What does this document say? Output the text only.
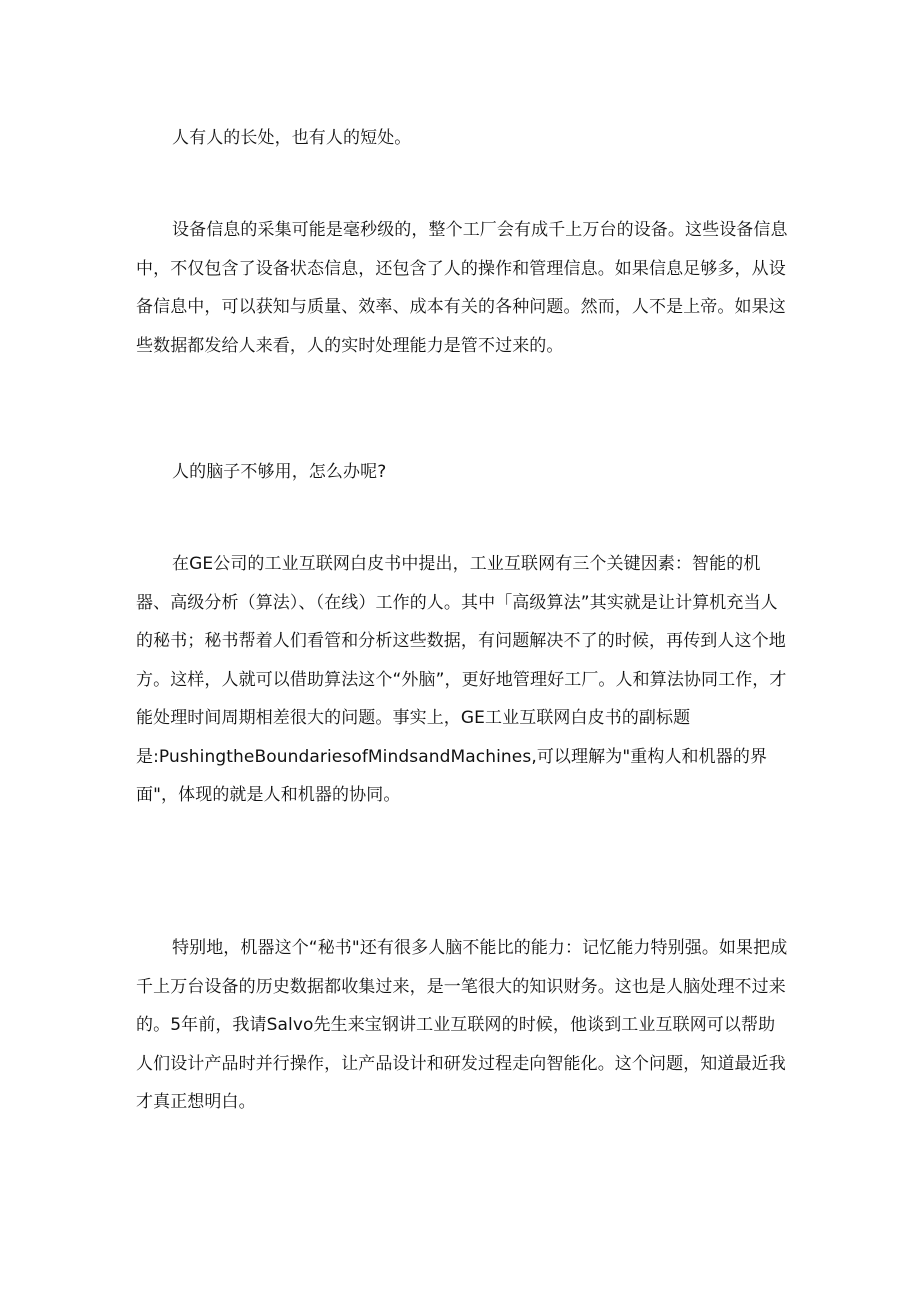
人有人的长处，也有人的短处。

设备信息的采集可能是毫秒级的，整个工厂会有成千上万台的设备。这些设备信息中，不仅包含了设备状态信息，还包含了人的操作和管理信息。如果信息足够多，从设备信息中，可以获知与质量、效率、成本有关的各种问题。然而，人不是上帝。如果这些数据都发给人来看，人的实时处理能力是管不过来的。

人的脑子不够用，怎么办呢?

在GE公司的工业互联网白皮书中提出，工业互联网有三个关键因素：智能的机器、高级分析（算法）、（在线）工作的人。其中「高级算法”其实就是让计算机充当人的秘书；秘书帮着人们看管和分析这些数据，有问题解决不了的时候，再传到人这个地方。这样，人就可以借助算法这个“外脑”，更好地管理好工厂。人和算法协同工作，才能处理时间周期相差很大的问题。事实上，GE工业互联网白皮书的副标题
是:PushingtheBoundariesofMindsandMachines,可以理解为"重构人和机器的界面"，体现的就是人和机器的协同。

特别地，机器这个“秘书"还有很多人脑不能比的能力：记忆能力特别强。如果把成千上万台设备的历史数据都收集过来，是一笔很大的知识财务。这也是人脑处理不过来的。5年前，我请Salvo先生来宝钢讲工业互联网的时候，他谈到工业互联网可以帮助人们设计产品时并行操作，让产品设计和研发过程走向智能化。这个问题，知道最近我才真正想明白。
